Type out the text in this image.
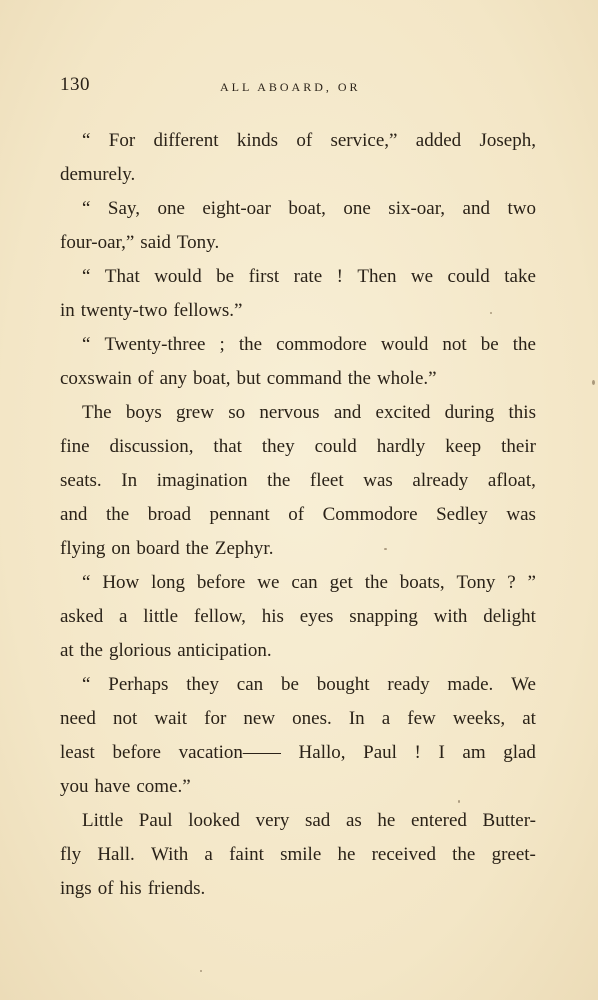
130	ALL ABOARD, OR
“ For different kinds of service,” added Joseph,
demurely.
“ Say, one eight-oar boat, one six-oar, and two
four-oar,” said Tony.
“ That would be first rate ! Then we could take
in twenty-two fellows.”
“ Twenty-three ; the commodore would not be the
coxswain of any boat, but command the whole.”
The boys grew so nervous and excited during this
fine discussion, that they could hardly keep their
seats. In imagination the fleet was already afloat,
and the broad pennant of Commodore Sedley was
flying on board the Zephyr.
“ How long before we can get the boats, Tony ? ”
asked a little fellow, his eyes snapping with delight
at the glorious anticipation.
“ Perhaps they can be bought ready made. We
need not wait for new ones. In a few weeks, at
least before vacation—— Hallo, Paul ! I am glad
you have come.”
Little Paul looked very sad as he entered Butter-
fly Hall. With a faint smile he received the greet-
ings of his friends.
